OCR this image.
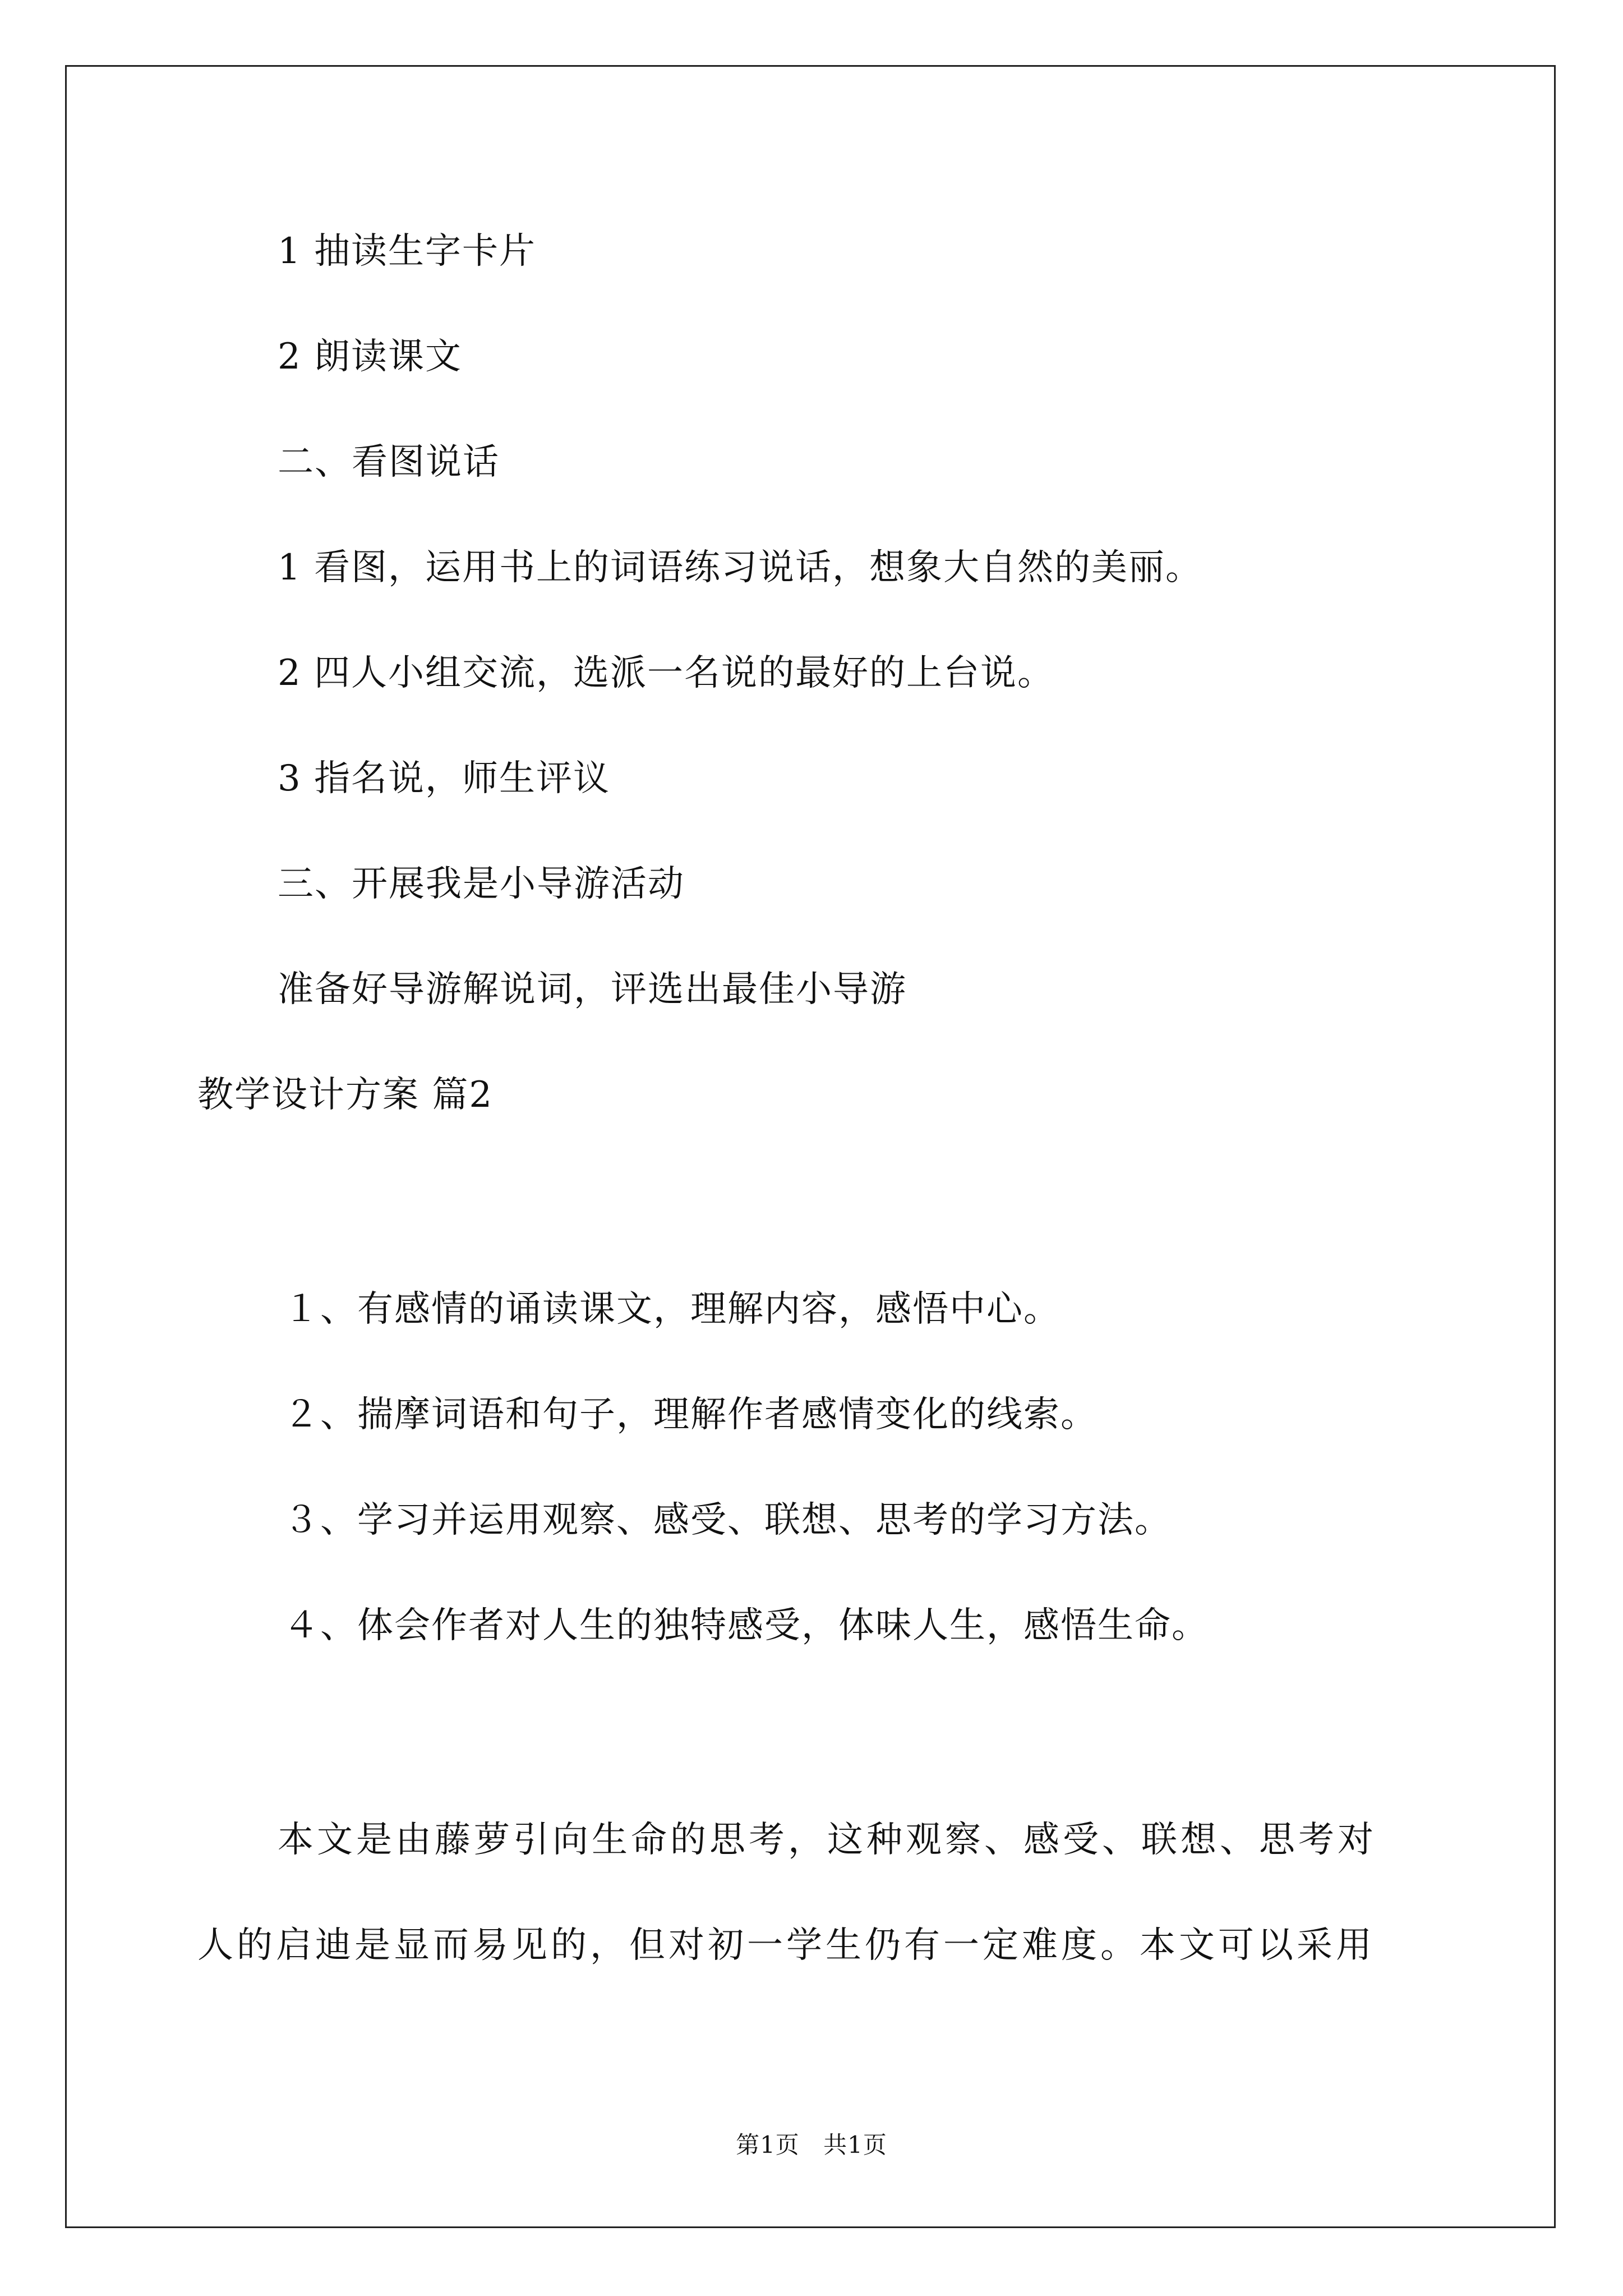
1 抽读生字卡片

2 朗读课文

二、看图说话

1 看图，运用书上的词语练习说话，想象大自然的美丽。

2 四人小组交流，选派一名说的最好的上台说。

3 指名说，师生评议

三、开展我是小导游活动

准备好导游解说词，评选出最佳小导游

教学设计方案 篇2

１、有感情的诵读课文，理解内容，感悟中心。

２、揣摩词语和句子，理解作者感情变化的线索。

３、学习并运用观察、感受、联想、思考的学习方法。

４、体会作者对人生的独特感受，体味人生，感悟生命。

本文是由藤萝引向生命的思考，这种观察、感受、联想、思考对

人的启迪是显而易见的，但对初一学生仍有一定难度。本文可以采用

第1页 共1页
